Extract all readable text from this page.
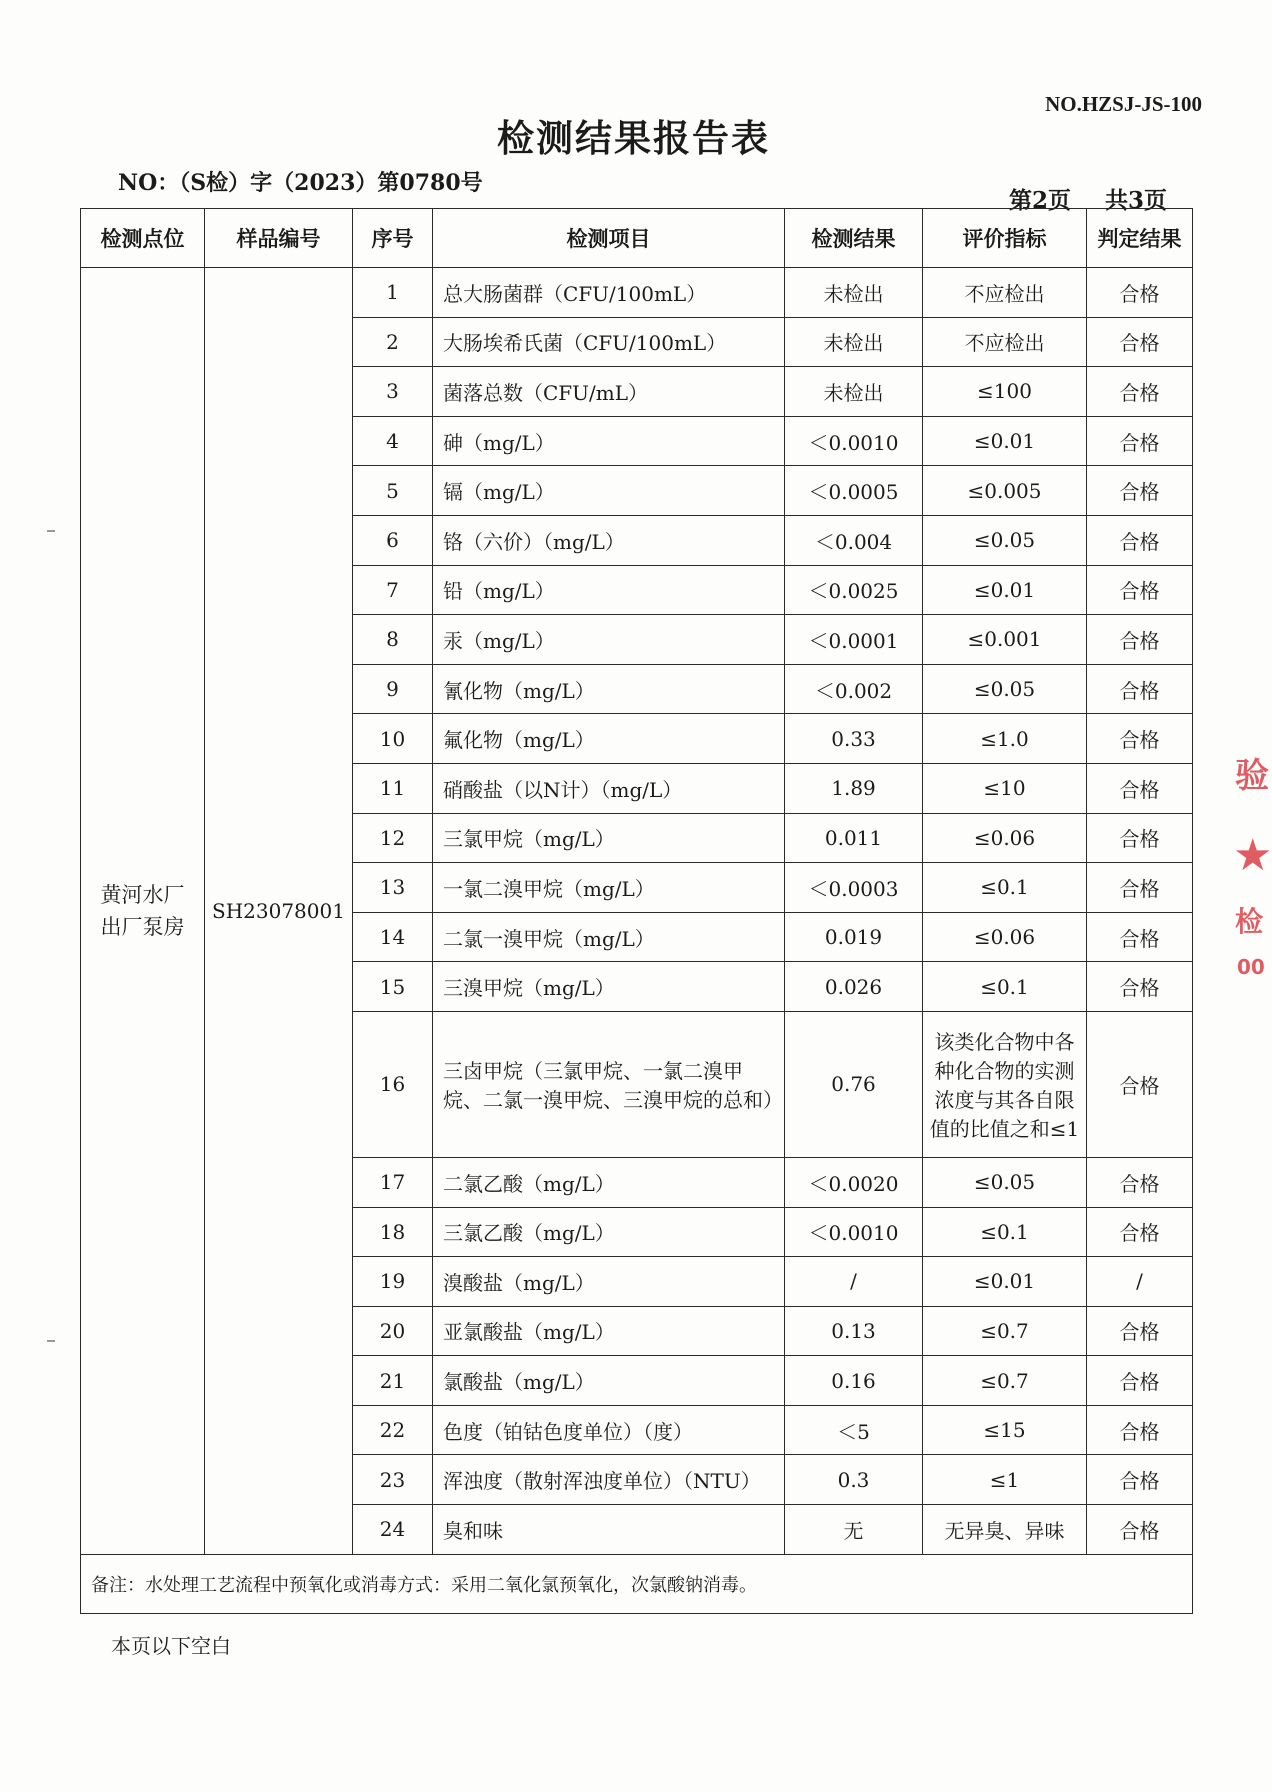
NO.HZSJ-JS-100
检测结果报告表
NO：（S检）字（2023）第0780号
第2页 共3页
检测点位	样品编号	序号	检测项目	检测结果	评价指标	判定结果

黄河水厂
出厂泵房	SH23078001	1	总大肠菌群（CFU/100mL）	未检出	不应检出	合格
		2	大肠埃希氏菌（CFU/100mL）	未检出	不应检出	合格
		3	菌落总数（CFU/mL）	未检出	≤100	合格
		4	砷（mg/L）	＜0.0010	≤0.01	合格
		5	镉（mg/L）	＜0.0005	≤0.005	合格
		6	铬（六价）（mg/L）	＜0.004	≤0.05	合格
		7	铅（mg/L）	＜0.0025	≤0.01	合格
		8	汞（mg/L）	＜0.0001	≤0.001	合格
		9	氰化物（mg/L）	＜0.002	≤0.05	合格
		10	氟化物（mg/L）	0.33	≤1.0	合格
		11	硝酸盐（以N计）（mg/L）	1.89	≤10	合格
		12	三氯甲烷（mg/L）	0.011	≤0.06	合格
		13	一氯二溴甲烷（mg/L）	＜0.0003	≤0.1	合格
		14	二氯一溴甲烷（mg/L）	0.019	≤0.06	合格
		15	三溴甲烷（mg/L）	0.026	≤0.1	合格
		16	三卤甲烷（三氯甲烷、一氯二溴甲烷、二氯一溴甲烷、三溴甲烷的总和）	0.76	该类化合物中各种化合物的实测浓度与其各自限值的比值之和≤1	合格
		17	二氯乙酸（mg/L）	＜0.0020	≤0.05	合格
		18	三氯乙酸（mg/L）	＜0.0010	≤0.1	合格
		19	溴酸盐（mg/L）	/	≤0.01	/
		20	亚氯酸盐（mg/L）	0.13	≤0.7	合格
		21	氯酸盐（mg/L）	0.16	≤0.7	合格
		22	色度（铂钴色度单位）（度）	＜5	≤15	合格
		23	浑浊度（散射浑浊度单位）（NTU）	0.3	≤1	合格
		24	臭和味	无	无异臭、异味	合格
备注：水处理工艺流程中预氧化或消毒方式：采用二氧化氯预氧化，次氯酸钠消毒。						
本页以下空白
验
★
检
00
